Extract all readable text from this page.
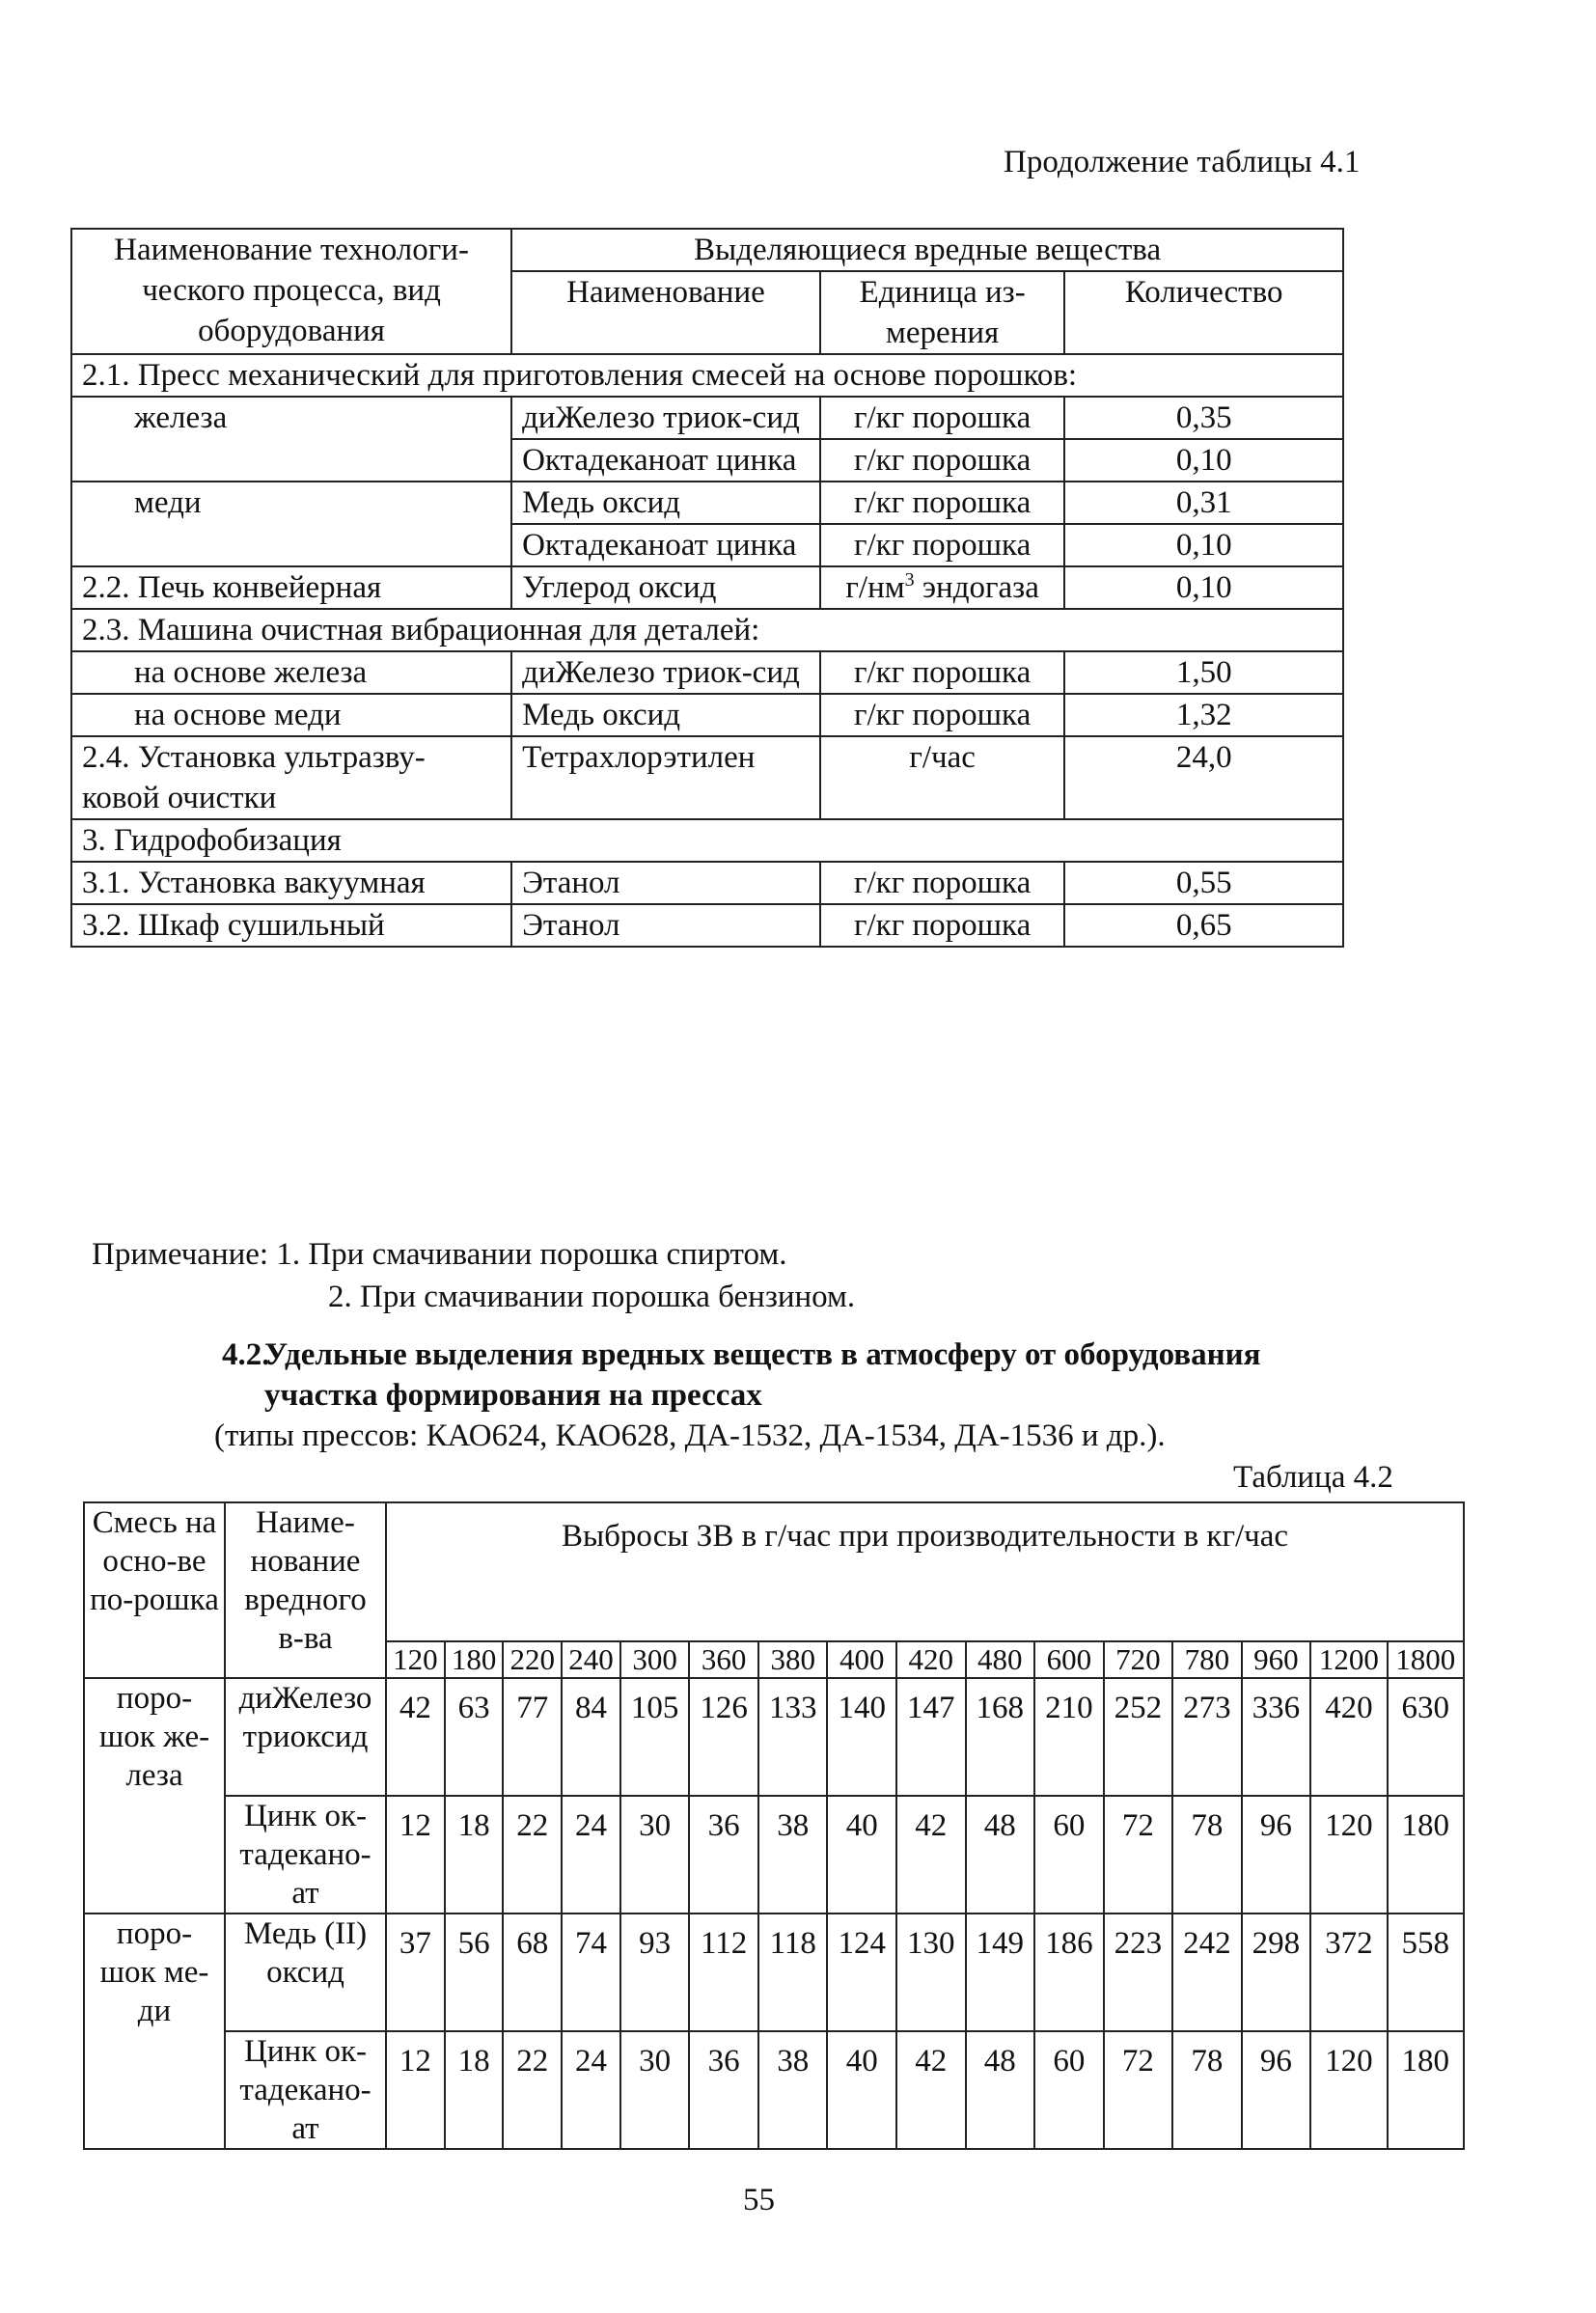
Продолжение таблицы 4.1
Наименование технологи-ческого процесса, вид оборудования	Выделяющиеся вредные вещества		
	Наименование	Единица из-мерения	Количество
2.1. Пресс механический для приготовления смесей на основе порошков:			
железа	диЖелезо триок-сид	г/кг порошка	0,35
	Октадеканоат цинка	г/кг порошка	0,10
меди	Медь оксид	г/кг порошка	0,31
	Октадеканоат цинка	г/кг порошка	0,10
2.2. Печь конвейерная	Углерод оксид	$г/нм^3$ эндогаза	0,10
2.3. Машина очистная вибрационная для деталей:			
на основе железа	диЖелезо триок-сид	г/кг порошка	1,50
на основе меди	Медь оксид	г/кг порошка	1,32
2.4. Установка ультразву-ковой очистки	Тетрахлорэтилен	г/час	24,0
3. Гидрофобизация			
3.1. Установка вакуумная	Этанол	г/кг порошка	0,55
3.2. Шкаф сушильный	Этанол	г/кг порошка	0,65
Примечание: 1. При смачивании порошка спиртом.
2. При смачивании порошка бензином.
4.2.Удельные выделения вредных веществ в атмосферу от оборудования
участка формирования на прессах
(типы прессов: КАО624, КАО628, ДА-1532, ДА-1534, ДА-1536 и др.).
Таблица 4.2
Смесь на осно-ве по-рошка	Наиме-нование вредного в-ва	Выбросы ЗВ в г/час при производительности в кг/час															
		120	180	220	240	300	360	380	400	420	480	600	720	780	960	1200	1800
поро-шок же-леза	диЖелезо триоксид	42	63	77	84	105	126	133	140	147	168	210	252	273	336	420	630
	Цинк ок-тадекано-ат	12	18	22	24	30	36	38	40	42	48	60	72	78	96	120	180
поро-шок ме-ди	Медь (II) оксид	37	56	68	74	93	112	118	124	130	149	186	223	242	298	372	558
	Цинк ок-тадекано-ат	12	18	22	24	30	36	38	40	42	48	60	72	78	96	120	180
55
